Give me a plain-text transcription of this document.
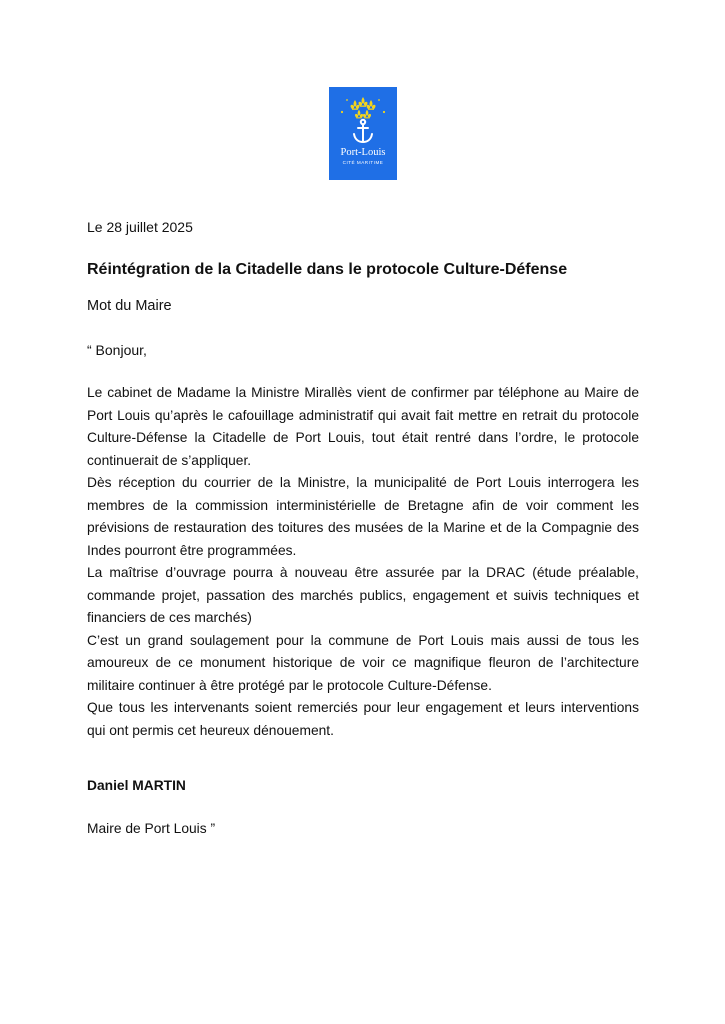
Port-Louis
CITÉ MARITIME
Le 28 juillet 2025
Réintégration de la Citadelle dans le protocole Culture-Défense
Mot du Maire
“ Bonjour,

Le cabinet de Madame la Ministre Mirallès vient de confirmer par téléphone au Maire de Port Louis qu’après le cafouillage administratif qui avait fait mettre en retrait du protocole Culture-Défense la Citadelle de Port Louis, tout était rentré dans l’ordre, le protocole continuerait de s’appliquer.

Dès réception du courrier de la Ministre, la municipalité de Port Louis interrogera les membres de la commission interministérielle de Bretagne afin de voir comment les prévisions de restauration des toitures des musées de la Marine et de la Compagnie des Indes pourront être programmées.

La maîtrise d’ouvrage pourra à nouveau être assurée par la DRAC (étude préalable, commande projet, passation des marchés publics, engagement et suivis techniques et financiers de ces marchés)

C’est un grand soulagement pour la commune de Port Louis mais aussi de tous les amoureux de ce monument historique de voir ce magnifique fleuron de l’architecture militaire continuer à être protégé par le protocole Culture-Défense.

Que tous les intervenants soient remerciés pour leur engagement et leurs interventions qui ont permis cet heureux dénouement.

Daniel MARTIN
Maire de Port Louis ”
